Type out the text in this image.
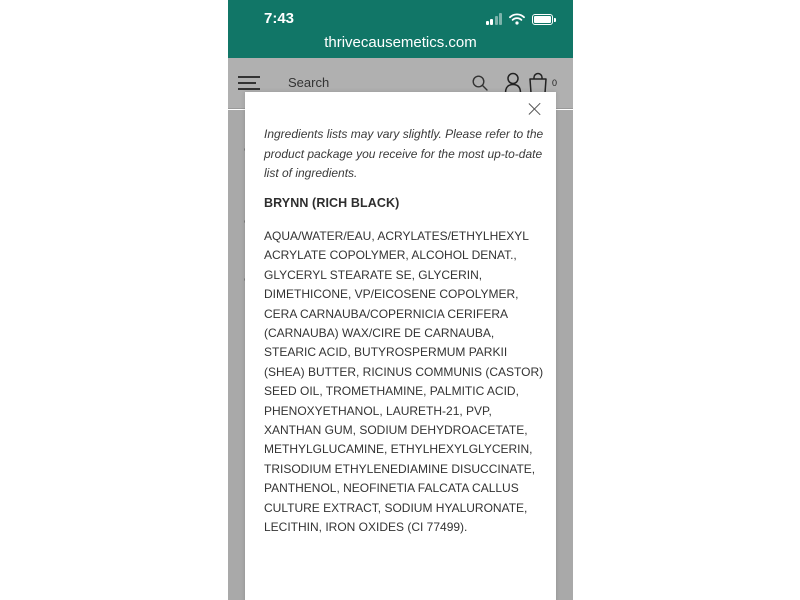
7:43
thrivecausemetics.com
Search	0

Ingredients lists may vary slightly. Please refer to the product package you receive for the most up-to-date list of ingredients.

BRYNN (RICH BLACK)

AQUA/WATER/EAU, ACRYLATES/ETHYLHEXYL ACRYLATE COPOLYMER, ALCOHOL DENAT., GLYCERYL STEARATE SE, GLYCERIN, DIMETHICONE, VP/EICOSENE COPOLYMER, CERA CARNAUBA/COPERNICIA CERIFERA (CARNAUBA) WAX/CIRE DE CARNAUBA, STEARIC ACID, BUTYROSPERMUM PARKII (SHEA) BUTTER, RICINUS COMMUNIS (CASTOR) SEED OIL, TROMETHAMINE, PALMITIC ACID, PHENOXYETHANOL, LAURETH-21, PVP, XANTHAN GUM, SODIUM DEHYDROACETATE, METHYLGLUCAMINE, ETHYLHEXYLGLYCERIN, TRISODIUM ETHYLENEDIAMINE DISUCCINATE, PANTHENOL, NEOFINETIA FALCATA CALLUS CULTURE EXTRACT, SODIUM HYALURONATE, LECITHIN, IRON OXIDES (CI 77499).
